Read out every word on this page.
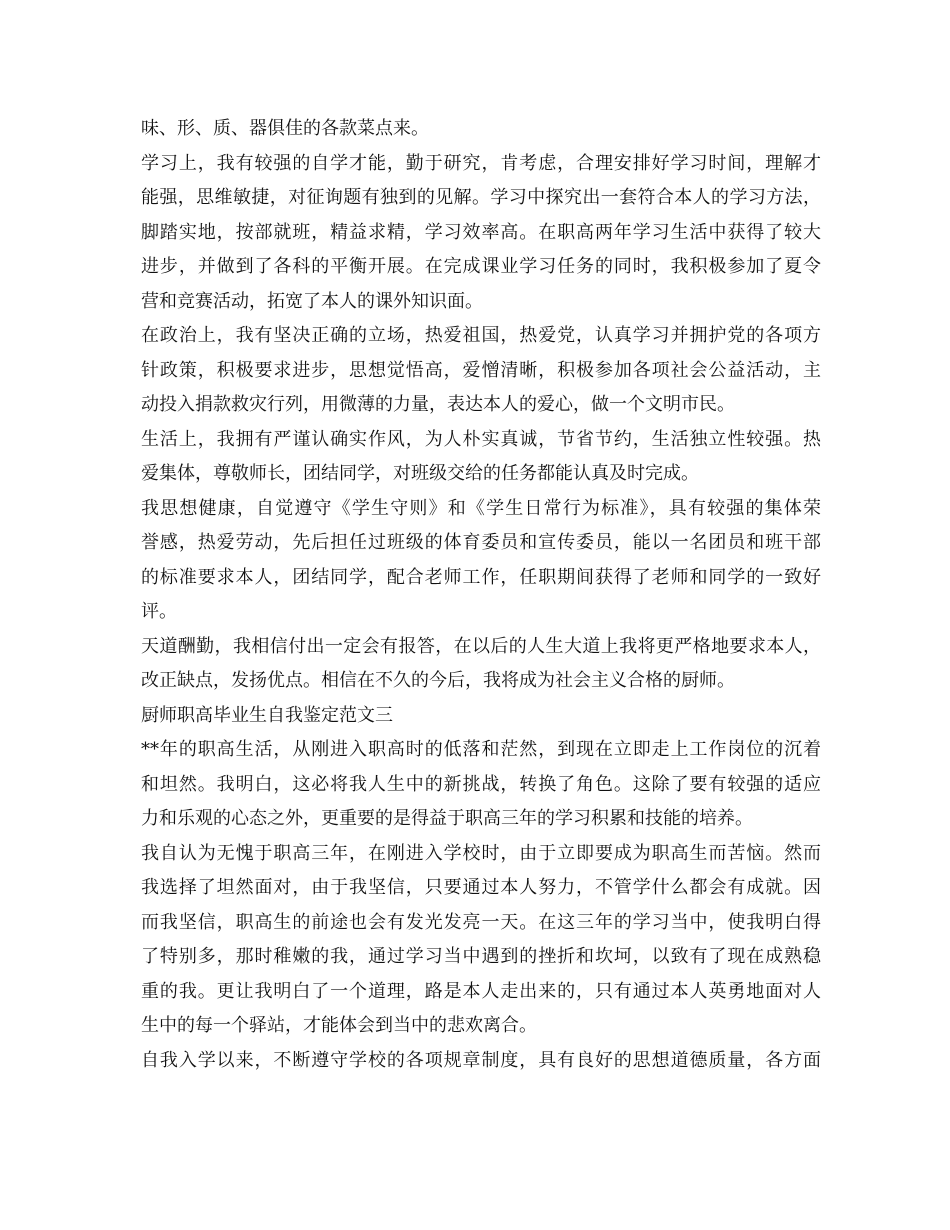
味、形、质、器俱佳的各款菜点来。
学习上，我有较强的自学才能，勤于研究，肯考虑，合理安排好学习时间，理解才
能强，思维敏捷，对征询题有独到的见解。学习中探究出一套符合本人的学习方法，
脚踏实地，按部就班，精益求精，学习效率高。在职高两年学习生活中获得了较大
进步，并做到了各科的平衡开展。在完成课业学习任务的同时，我积极参加了夏令
营和竞赛活动，拓宽了本人的课外知识面。
在政治上，我有坚决正确的立场，热爱祖国，热爱党，认真学习并拥护党的各项方
针政策，积极要求进步，思想觉悟高，爱憎清晰，积极参加各项社会公益活动，主
动投入捐款救灾行列，用微薄的力量，表达本人的爱心，做一个文明市民。
生活上，我拥有严谨认确实作风，为人朴实真诚，节省节约，生活独立性较强。热
爱集体，尊敬师长，团结同学，对班级交给的任务都能认真及时完成。
我思想健康，自觉遵守《学生守则》和《学生日常行为标准》，具有较强的集体荣
誉感，热爱劳动，先后担任过班级的体育委员和宣传委员，能以一名团员和班干部
的标准要求本人，团结同学，配合老师工作，任职期间获得了老师和同学的一致好
评。
天道酬勤，我相信付出一定会有报答，在以后的人生大道上我将更严格地要求本人，
改正缺点，发扬优点。相信在不久的今后，我将成为社会主义合格的厨师。
厨师职高毕业生自我鉴定范文三
**年的职高生活，从刚进入职高时的低落和茫然，到现在立即走上工作岗位的沉着
和坦然。我明白，这必将我人生中的新挑战，转换了角色。这除了要有较强的适应
力和乐观的心态之外，更重要的是得益于职高三年的学习积累和技能的培养。
我自认为无愧于职高三年，在刚进入学校时，由于立即要成为职高生而苦恼。然而
我选择了坦然面对，由于我坚信，只要通过本人努力，不管学什么都会有成就。因
而我坚信，职高生的前途也会有发光发亮一天。在这三年的学习当中，使我明白得
了特别多，那时稚嫩的我，通过学习当中遇到的挫折和坎坷，以致有了现在成熟稳
重的我。更让我明白了一个道理，路是本人走出来的，只有通过本人英勇地面对人
生中的每一个驿站，才能体会到当中的悲欢离合。
自我入学以来，不断遵守学校的各项规章制度，具有良好的思想道德质量，各方面
